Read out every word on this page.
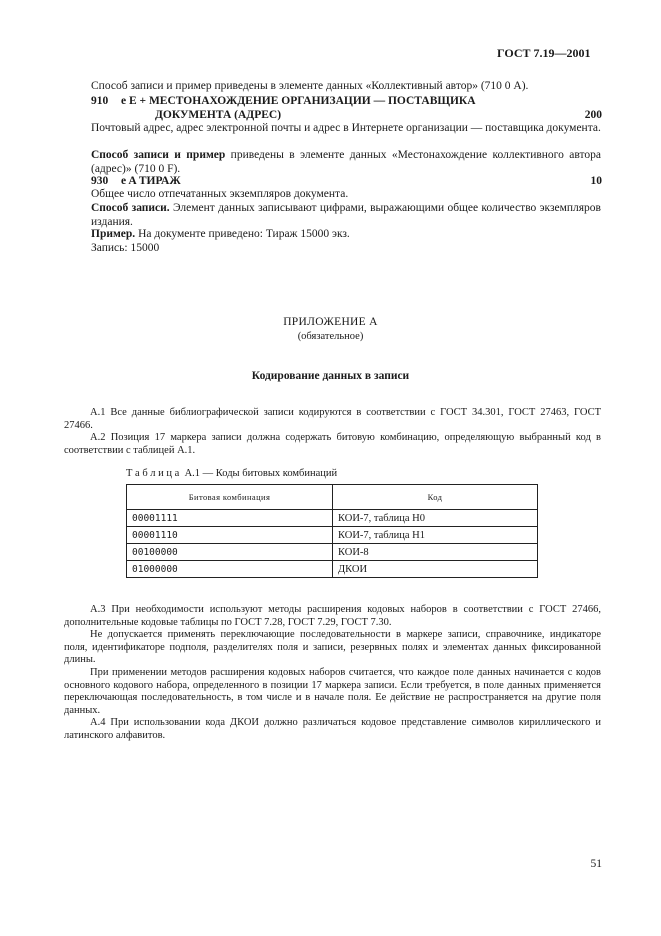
ГОСТ 7.19—2001
Способ записи и пример приведены в элементе данных «Коллективный автор» (710 0 А).
910	e E + МЕСТОНАХОЖДЕНИЕ ОРГАНИЗАЦИИ — ПОСТАВЩИКА
ДОКУМЕНТА (АДРЕС)	200
Почтовый адрес, адрес электронной почты и адрес в Интернете организации — поставщика документа.
Способ записи и пример приведены в элементе данных «Местонахождение коллективного автора (адрес)» (710 0 F).
930	e A ТИРАЖ	10
Общее число отпечатанных экземпляров документа.
Способ записи. Элемент данных записывают цифрами, выражающими общее количество экземпляров издания.
Пример. На документе приведено: Тираж 15000 экз.
Запись: 15000
ПРИЛОЖЕНИЕ А
(обязательное)
Кодирование данных в записи
А.1 Все данные библиографической записи кодируются в соответствии с ГОСТ 34.301, ГОСТ 27463, ГОСТ 27466.
А.2 Позиция 17 маркера записи должна содержать битовую комбинацию, определяющую выбранный код в соответствии с таблицей А.1.
Т а б л и ц а А.1 — Коды битовых комбинаций
Битовая комбинация	Код
00001111	КОИ-7, таблица Н0
00001110	КОИ-7, таблица Н1
00100000	КОИ-8
01000000	ДКОИ
А.3 При необходимости используют методы расширения кодовых наборов в соответствии с ГОСТ 27466, дополнительные кодовые таблицы по ГОСТ 7.28, ГОСТ 7.29, ГОСТ 7.30.
Не допускается применять переключающие последовательности в маркере записи, справочнике, индикаторе поля, идентификаторе подполя, разделителях поля и записи, резервных полях и элементах данных фиксированной длины.
При применении методов расширения кодовых наборов считается, что каждое поле данных начинается с кодов основного кодового набора, определенного в позиции 17 маркера записи. Если требуется, в поле данных применяется переключающая последовательность, в том числе и в начале поля. Ее действие не распространяется на другие поля данных.
А.4 При использовании кода ДКОИ должно различаться кодовое представление символов кириллического и латинского алфавитов.
51
